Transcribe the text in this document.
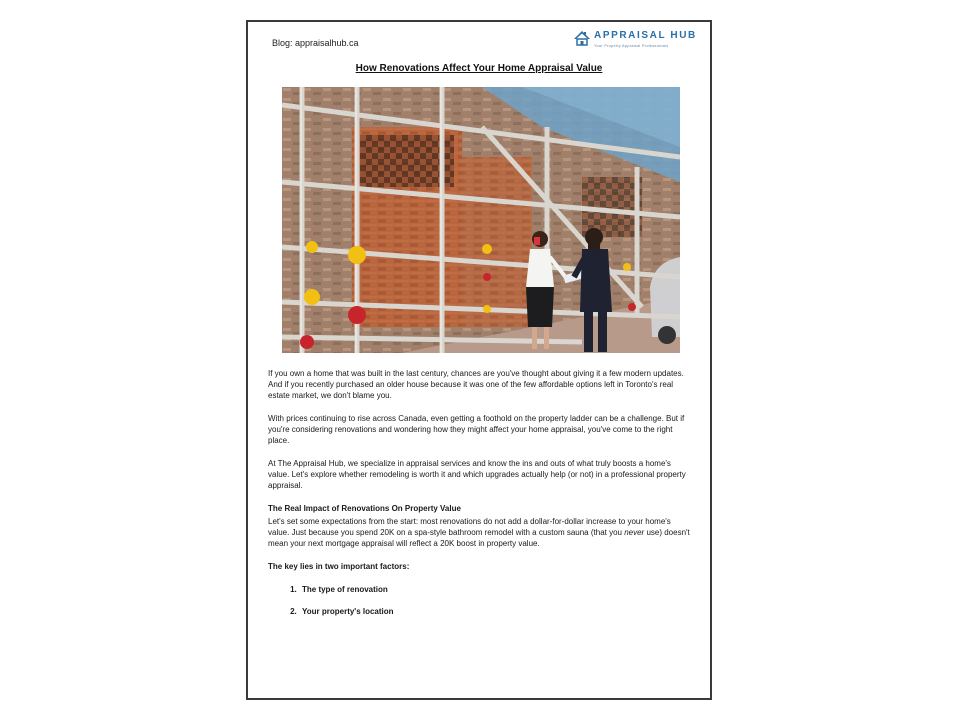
Blog: appraisalhub.ca
APPRAISAL HUB
Your Property Appraisal Professionals
How Renovations Affect Your Home Appraisal Value

If you own a home that was built in the last century, chances are you've thought about giving it a few modern updates. And if you recently purchased an older house because it was one of the few affordable options left in Toronto's real estate market, we don't blame you.

With prices continuing to rise across Canada, even getting a foothold on the property ladder can be a challenge. But if you're considering renovations and wondering how they might affect your home appraisal, you've come to the right place.

At The Appraisal Hub, we specialize in appraisal services and know the ins and outs of what truly boosts a home's value. Let's explore whether remodeling is worth it and which upgrades actually help (or not) in a professional property appraisal.

The Real Impact of Renovations On Property Value

Let's set some expectations from the start: most renovations do not add a dollar-for-dollar increase to your home's value. Just because you spend 20K on a spa-style bathroom remodel with a custom sauna (that you never use) doesn't mean your next mortgage appraisal will reflect a 20K boost in property value.

The key lies in two important factors:
1. The type of renovation
2. Your property's location
